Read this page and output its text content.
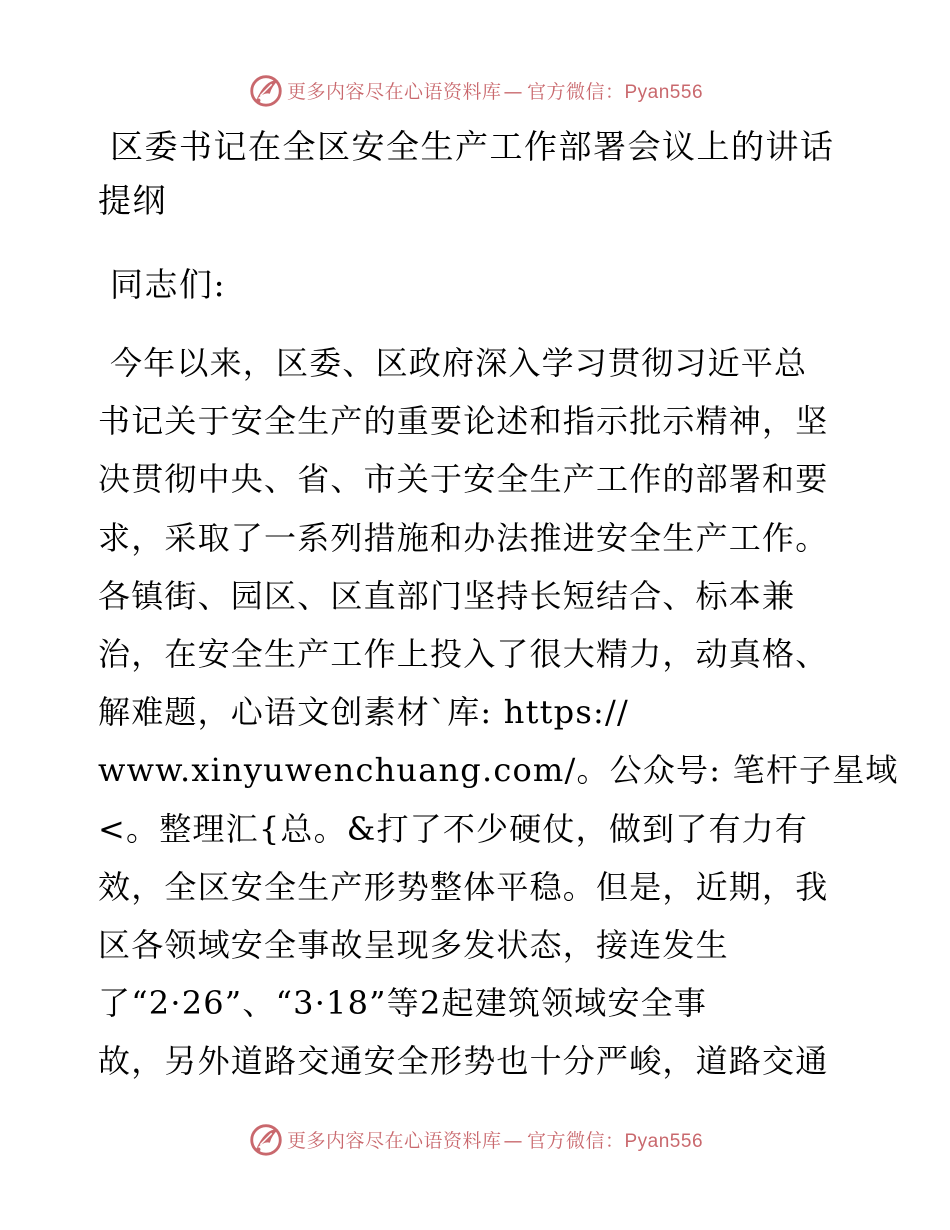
更多内容尽在心语资料库 — 官方微信：Pyan556
区委书记在全区安全生产工作部署会议上的讲话
提纲
同志们:
今年以来，区委、区政府深入学习贯彻习近平总
书记关于安全生产的重要论述和指示批示精神，坚
决贯彻中央、省、市关于安全生产工作的部署和要
求，采取了一系列措施和办法推进安全生产工作。
各镇街、园区、区直部门坚持长短结合、标本兼
治，在安全生产工作上投入了很大精力，动真格、
解难题，心语文创素材`库: https://
www.xinyuwenchuang.com/。公众号: 笔杆子星域
<。整理汇{总。&打了不少硬仗，做到了有力有
效，全区安全生产形势整体平稳。但是，近期，我
区各领域安全事故呈现多发状态，接连发生
了“2·26”、“3·18”等2起建筑领域安全事
故，另外道路交通安全形势也十分严峻，道路交通
更多内容尽在心语资料库 — 官方微信：Pyan556
